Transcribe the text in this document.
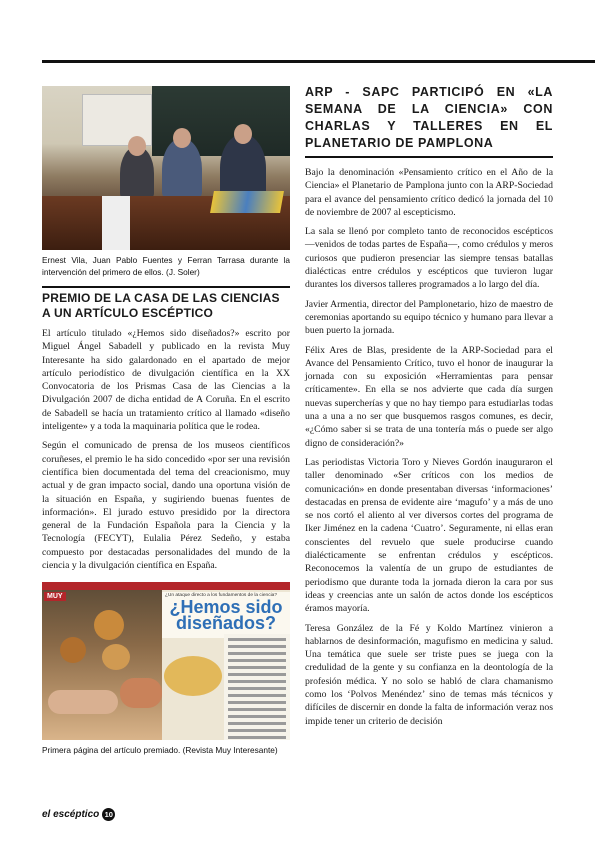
Ernest Vila, Juan Pablo Fuentes y Ferran Tarrasa durante la intervención del primero de ellos. (J. Soler)
PREMIO DE LA CASA DE LAS CIENCIAS A UN ARTÍCULO ESCÉPTICO

El artículo titulado «¿Hemos sido diseñados?» escrito por Miguel Ángel Sabadell y publicado en la revista Muy Interesante ha sido galardonado en el apartado de mejor artículo periodístico de divulgación científica en la XX Convocatoria de los Prismas Casa de las Ciencias a la Divulgación 2007 de dicha entidad de A Coruña. En el escrito de Sabadell se hacía un tratamiento crítico al llamado «diseño inteligente» y a toda la maquinaria política que le rodea.

Según el comunicado de prensa de los museos científicos coruñeses, el premio le ha sido concedido «por ser una revisión científica bien documentada del tema del creacionismo, muy actual y de gran impacto social, dando una oportuna visión de la situación en España, y sugiriendo buenas fuentes de información». El jurado estuvo presidido por la directora general de la Fundación Española para la Ciencia y la Tecnología (FECYT), Eulalia Pérez Sedeño, y estaba compuesto por destacadas personalidades del mundo de la ciencia y la divulgación científica en España.

MUY	¿Un ataque directo a los fundamentos de la ciencia?
¿Hemos sido diseñados?
Primera página del artículo premiado. (Revista Muy Interesante)
ARP - SAPC PARTICIPÓ EN «LA SEMANA DE LA CIENCIA» CON CHARLAS Y TALLERES EN EL PLANETARIO DE PAMPLONA

Bajo la denominación «Pensamiento crítico en el Año de la Ciencia» el Planetario de Pamplona junto con la ARP-Sociedad para el avance del pensamiento crítico dedicó la jornada del 10 de noviembre de 2007 al escepticismo.

La sala se llenó por completo tanto de reconocidos escépticos —venidos de todas partes de España—, como crédulos y meros curiosos que pudieron presenciar las siempre tensas batallas dialécticas entre crédulos y escépticos que tuvieron lugar durantes los diversos talleres programados a lo largo del día.

Javier Armentia, director del Pamplonetario, hizo de maestro de ceremonias aportando su equipo técnico y humano para llevar a buen puerto la jornada.

Félix Ares de Blas, presidente de la ARP-Sociedad para el Avance del Pensamiento Crítico, tuvo el honor de inaugurar la jornada con su exposición «Herramientas para pensar críticamente». En ella se nos advierte que cada día surgen nuevas supercherías y que no hay tiempo para estudiarlas todas una a una a no ser que busquemos rasgos comunes, es decir, «¿Cómo saber si se trata de una tontería más o puede ser algo digno de consideración?»

Las periodistas Victoria Toro y Nieves Gordón inauguraron el taller denominado «Ser críticos con los medios de comunicación» en donde presentaban diversas ‘informaciones’ destacadas en prensa de evidente aire ‘magufo’ y a más de uno se nos cortó el aliento al ver diversos cortes del programa de Iker Jiménez en la cadena ‘Cuatro’. Seguramente, ni ellas eran conscientes del revuelo que suele producirse cuando dialécticamente se enfrentan crédulos y escépticos. Reconocemos la valentía de un grupo de estudiantes de periodismo que durante toda la jornada dieron la cara por sus ideas y creencias ante un salón de actos donde los escépticos éramos mayoría.

Teresa González de la Fé y Koldo Martínez vinieron a hablarnos de desinformación, magufismo en medicina y salud. Una temática que suele ser triste pues se juega con la credulidad de la gente y su confianza en la deontología de la profesión médica. Y no solo se habló de clara chamanismo como los ‘Polvos Menéndez’ sino de temas más técnicos y difíciles de discernir en donde la falta de información veraz nos impide tener un criterio de decisión

el escéptico 10
